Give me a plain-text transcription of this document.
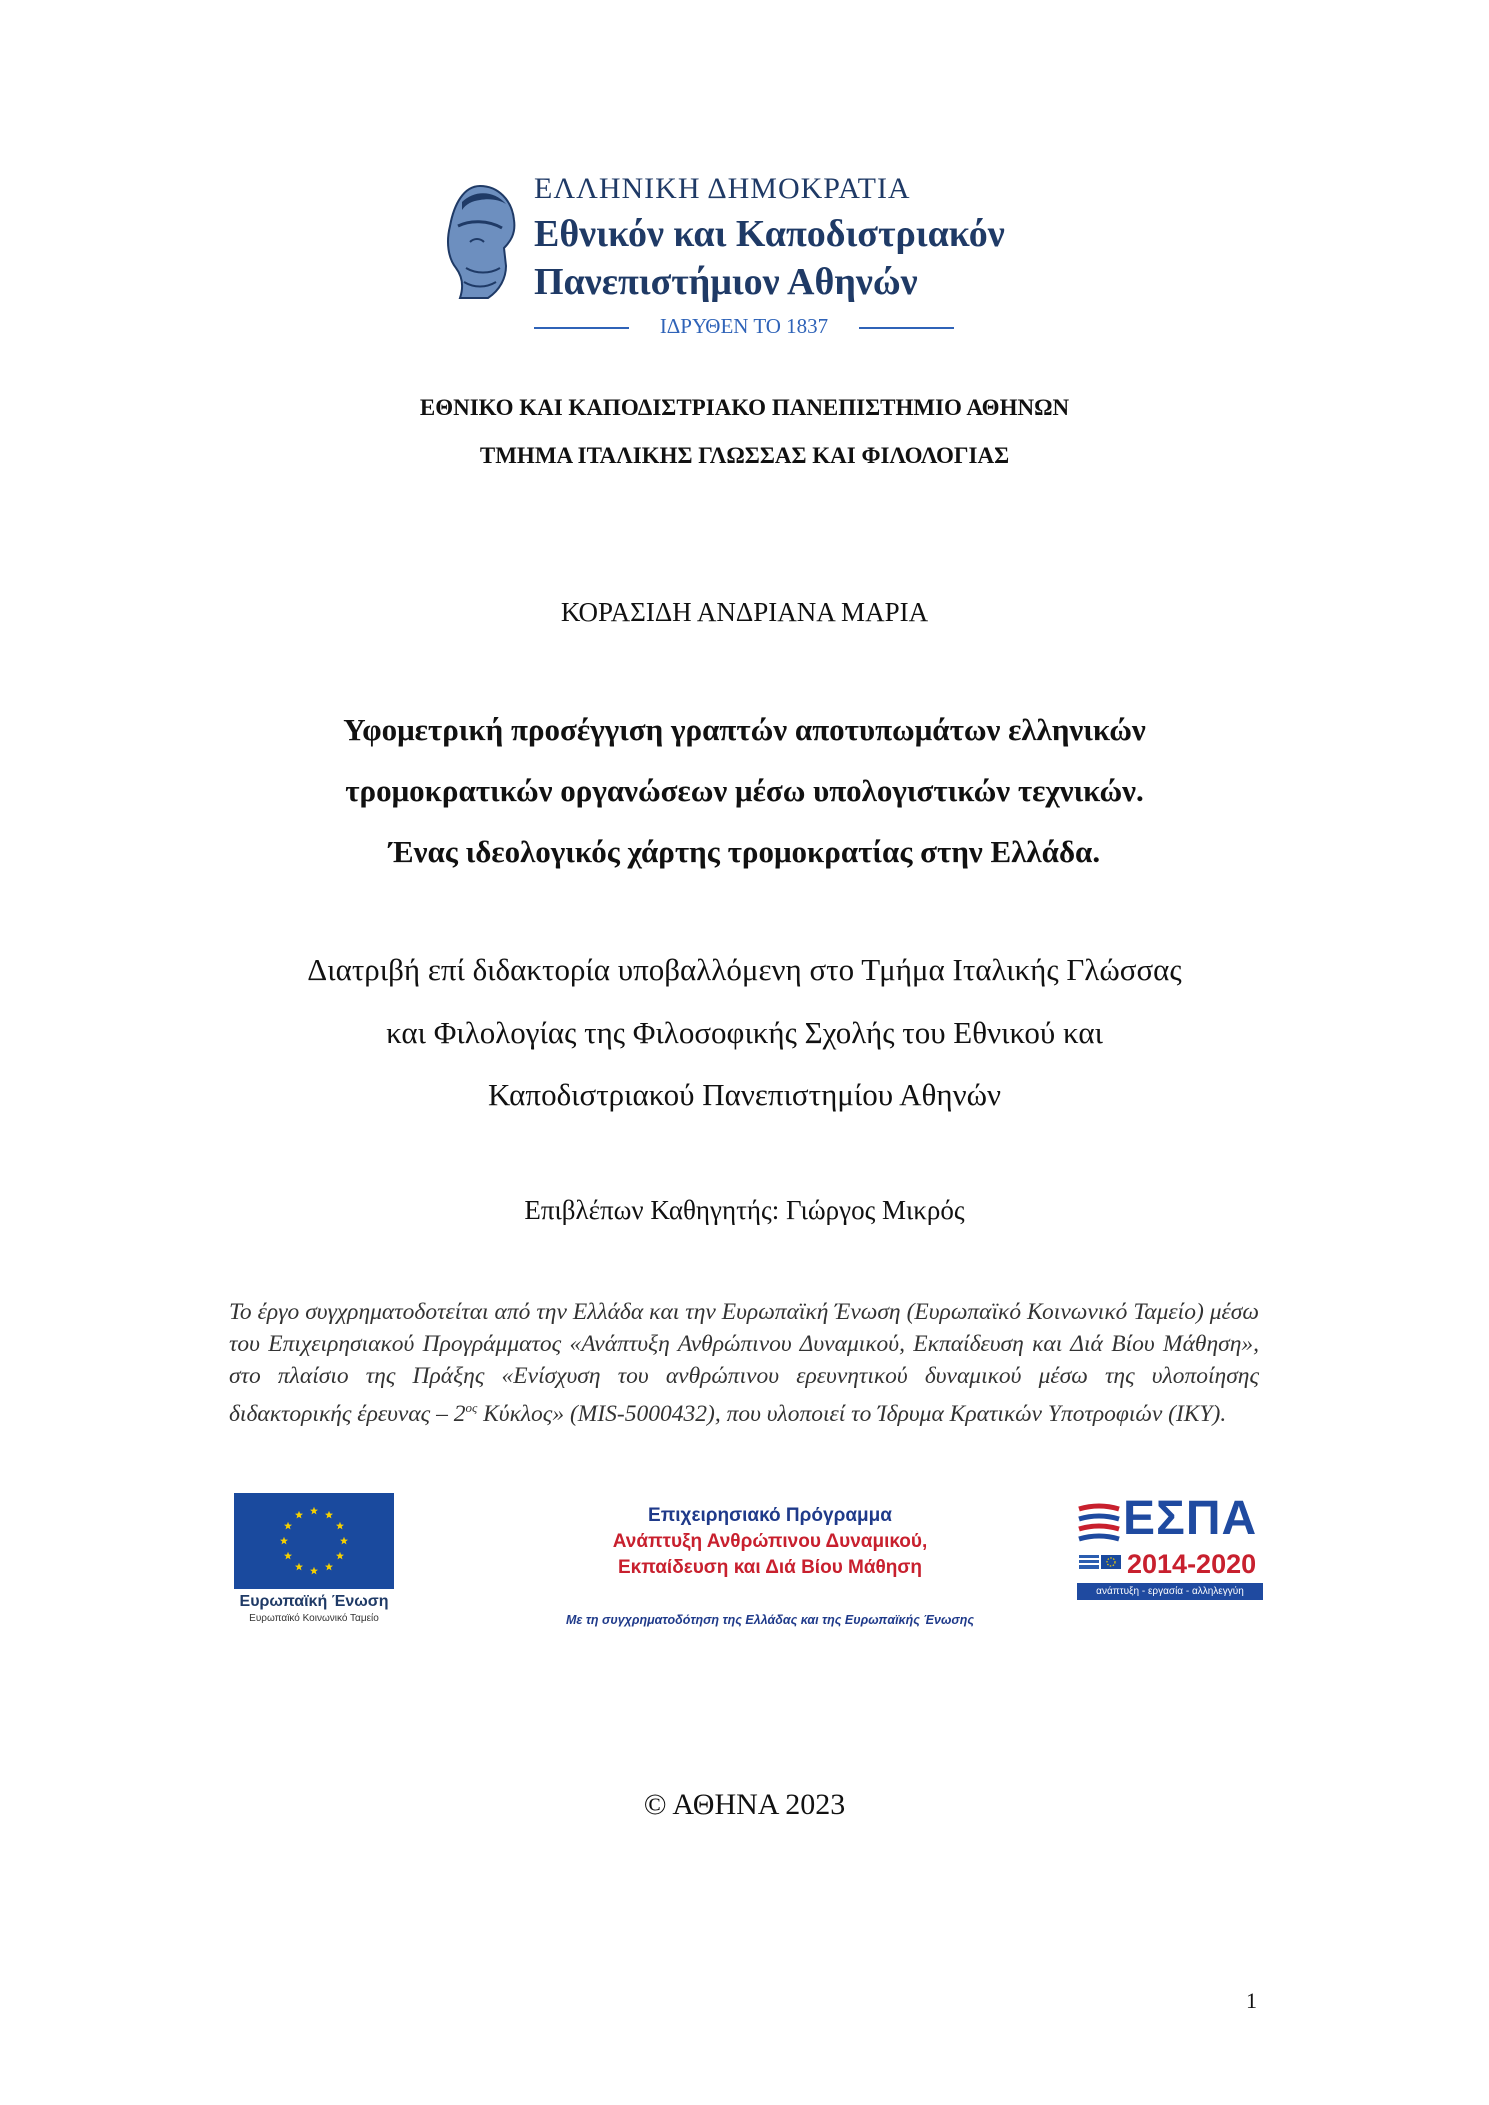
ΕΛΛΗΝΙΚΗ ΔΗΜΟΚΡΑΤΙΑ
Εθνικόν και Καποδιστριακόν
Πανεπιστήμιον Αθηνών
ΙΔΡΥΘΕΝ ΤΟ 1837
ΕΘΝΙΚΟ ΚΑΙ ΚΑΠΟΔΙΣΤΡΙΑΚΟ ΠΑΝΕΠΙΣΤΗΜΙΟ ΑΘΗΝΩΝ
ΤΜΗΜΑ ΙΤΑΛΙΚΗΣ ΓΛΩΣΣΑΣ ΚΑΙ ΦΙΛΟΛΟΓΙΑΣ
ΚΟΡΑΣΙΔΗ ΑΝΔΡΙΑΝΑ ΜΑΡΙΑ
Υφομετρική προσέγγιση γραπτών αποτυπωμάτων ελληνικών
τρομοκρατικών οργανώσεων μέσω υπολογιστικών τεχνικών.
Ένας ιδεολογικός χάρτης τρομοκρατίας στην Ελλάδα.
Διατριβή επί διδακτορία υποβαλλόμενη στο Τμήμα Ιταλικής Γλώσσας
και Φιλολογίας της Φιλοσοφικής Σχολής του Εθνικού και
Καποδιστριακού Πανεπιστημίου Αθηνών
Επιβλέπων Καθηγητής: Γιώργος Μικρός
Το έργο συγχρηματοδοτείται από την Ελλάδα και την Ευρωπαϊκή Ένωση (Ευρωπαϊκό Κοινωνικό Ταμείο) μέσω του Επιχειρησιακού Προγράμματος «Ανάπτυξη Ανθρώπινου Δυναμικού, Εκπαίδευση και Διά Βίου Μάθηση», στο πλαίσιο της Πράξης «Ενίσχυση του ανθρώπινου ερευνητικού δυναμικού μέσω της υλοποίησης διδακτορικής έρευνας – $2^{o\varsigma}$ Κύκλος» (MIS-5000432), που υλοποιεί το Ίδρυμα Κρατικών Υποτροφιών (ΙΚΥ).
Ευρωπαϊκή Ένωση
Ευρωπαϊκό Κοινωνικό Ταμείο
Επιχειρησιακό Πρόγραμμα
Ανάπτυξη Ανθρώπινου Δυναμικού,
Εκπαίδευση και Διά Βίου Μάθηση
Με τη συγχρηματοδότηση της Ελλάδας και της Ευρωπαϊκής Ένωσης
ΕΣΠΑ
2014-2020
ανάπτυξη - εργασία - αλληλεγγύη
© ΑΘΗΝΑ 2023
1
